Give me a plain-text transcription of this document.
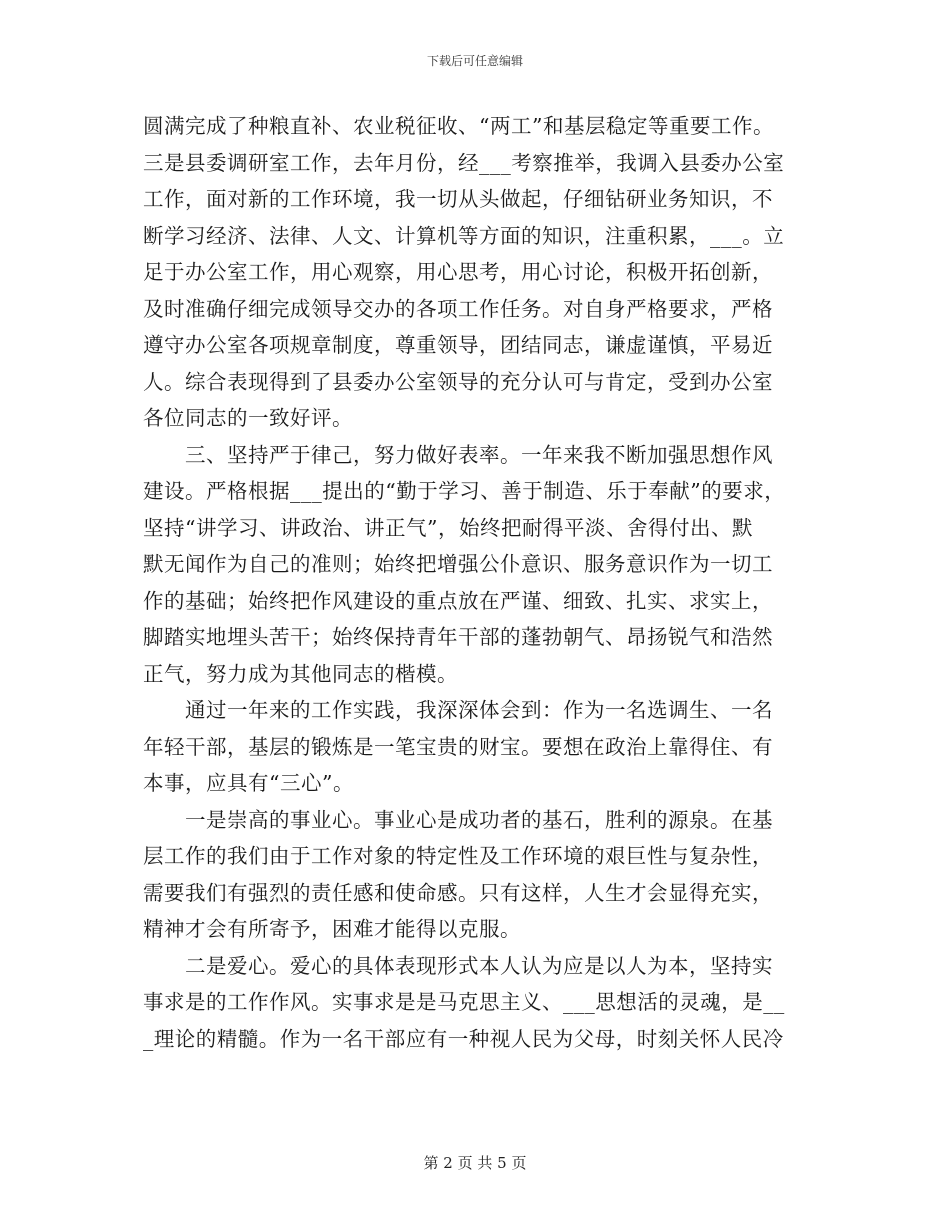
下载后可任意编辑
圆满完成了种粮直补、农业税征收、“两工”和基层稳定等重要工作。
三是县委调研室工作，去年月份，经___考察推举，我调入县委办公室
工作，面对新的工作环境，我一切从头做起，仔细钻研业务知识，不
断学习经济、法律、人文、计算机等方面的知识，注重积累，___。立
足于办公室工作，用心观察，用心思考，用心讨论，积极开拓创新，
及时准确仔细完成领导交办的各项工作任务。对自身严格要求，严格
遵守办公室各项规章制度，尊重领导，团结同志，谦虚谨慎，平易近
人。综合表现得到了县委办公室领导的充分认可与肯定，受到办公室
各位同志的一致好评。
　　三、坚持严于律己，努力做好表率。一年来我不断加强思想作风
建设。严格根据___提出的“勤于学习、善于制造、乐于奉献”的要求，
坚持“讲学习、讲政治、讲正气”，始终把耐得平淡、舍得付出、默
默无闻作为自己的准则；始终把增强公仆意识、服务意识作为一切工
作的基础；始终把作风建设的重点放在严谨、细致、扎实、求实上，
脚踏实地埋头苦干；始终保持青年干部的蓬勃朝气、昂扬锐气和浩然
正气，努力成为其他同志的楷模。
　　通过一年来的工作实践，我深深体会到：作为一名选调生、一名
年轻干部，基层的锻炼是一笔宝贵的财宝。要想在政治上靠得住、有
本事，应具有“三心”。
　　一是崇高的事业心。事业心是成功者的基石，胜利的源泉。在基
层工作的我们由于工作对象的特定性及工作环境的艰巨性与复杂性，
需要我们有强烈的责任感和使命感。只有这样，人生才会显得充实，
精神才会有所寄予，困难才能得以克服。
　　二是爱心。爱心的具体表现形式本人认为应是以人为本，坚持实
事求是的工作作风。实事求是是马克思主义、___思想活的灵魂，是__
_理论的精髓。作为一名干部应有一种视人民为父母，时刻关怀人民冷
第 2 页 共 5 页
